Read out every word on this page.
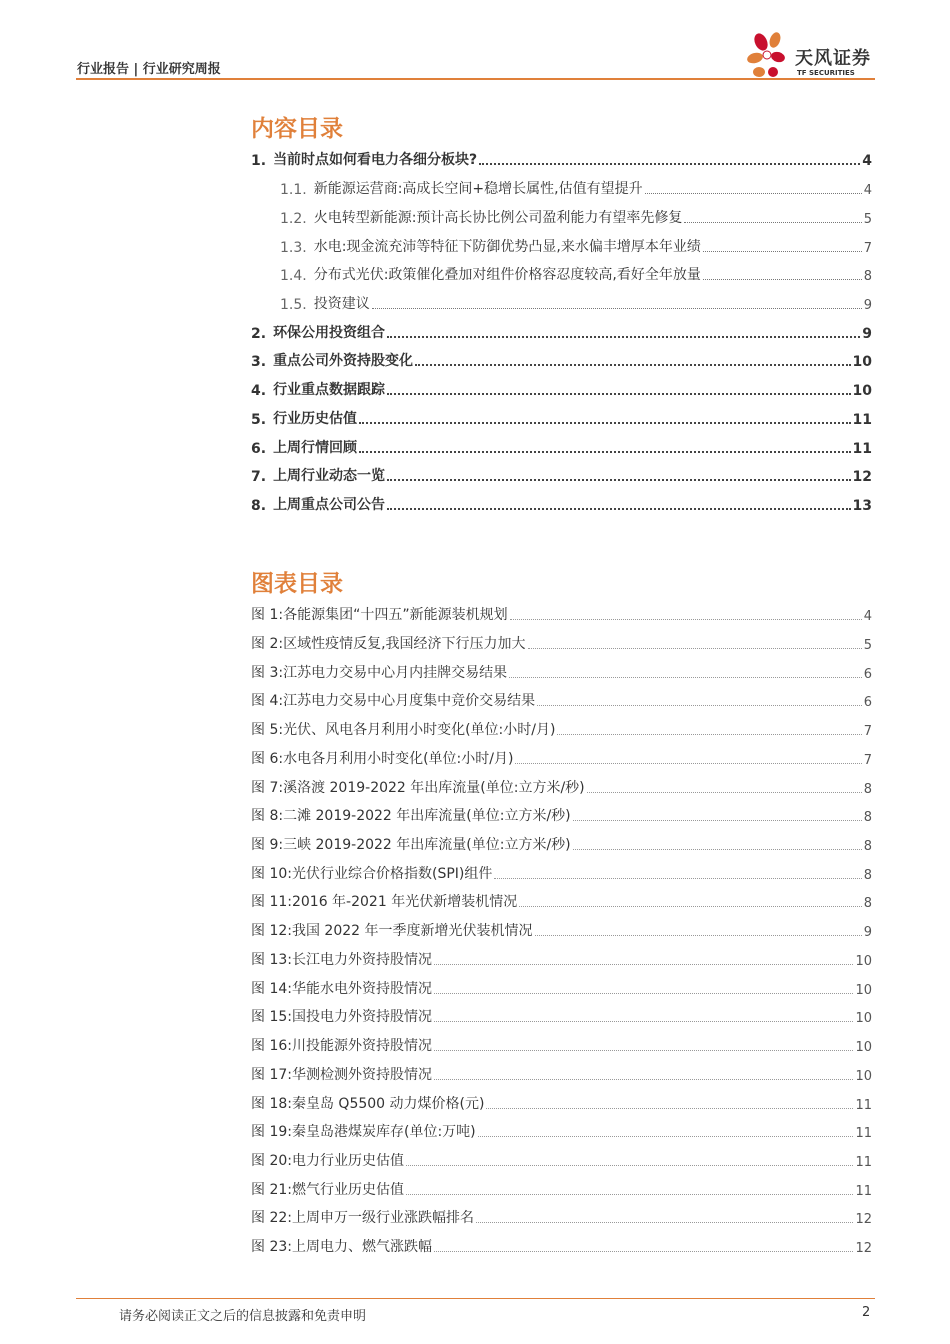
行业报告 | 行业研究周报
天风证券
TF SECURITIES
内容目录
1. 当前时点如何看电力各细分板块?	4
1.1. 新能源运营商:高成长空间+稳增长属性,估值有望提升	4
1.2. 火电转型新能源:预计高长协比例公司盈利能力有望率先修复	5
1.3. 水电:现金流充沛等特征下防御优势凸显,来水偏丰增厚本年业绩	7
1.4. 分布式光伏:政策催化叠加对组件价格容忍度较高,看好全年放量	8
1.5. 投资建议	9
2. 环保公用投资组合	9
3. 重点公司外资持股变化	10
4. 行业重点数据跟踪	10
5. 行业历史估值	11
6. 上周行情回顾	11
7. 上周行业动态一览	12
8. 上周重点公司公告	13
图表目录
图 1:各能源集团“十四五”新能源装机规划	4
图 2:区域性疫情反复,我国经济下行压力加大	5
图 3:江苏电力交易中心月内挂牌交易结果	6
图 4:江苏电力交易中心月度集中竞价交易结果	6
图 5:光伏、风电各月利用小时变化(单位:小时/月)	7
图 6:水电各月利用小时变化(单位:小时/月)	7
图 7:溪洛渡 2019-2022 年出库流量(单位:立方米/秒)	8
图 8:二滩 2019-2022 年出库流量(单位:立方米/秒)	8
图 9:三峡 2019-2022 年出库流量(单位:立方米/秒)	8
图 10:光伏行业综合价格指数(SPI)组件	8
图 11:2016 年-2021 年光伏新增装机情况	8
图 12:我国 2022 年一季度新增光伏装机情况	9
图 13:长江电力外资持股情况	10
图 14:华能水电外资持股情况	10
图 15:国投电力外资持股情况	10
图 16:川投能源外资持股情况	10
图 17:华测检测外资持股情况	10
图 18:秦皇岛 Q5500 动力煤价格(元)	11
图 19:秦皇岛港煤炭库存(单位:万吨)	11
图 20:电力行业历史估值	11
图 21:燃气行业历史估值	11
图 22:上周申万一级行业涨跌幅排名	12
图 23:上周电力、燃气涨跌幅	12
请务必阅读正文之后的信息披露和免责申明	2
